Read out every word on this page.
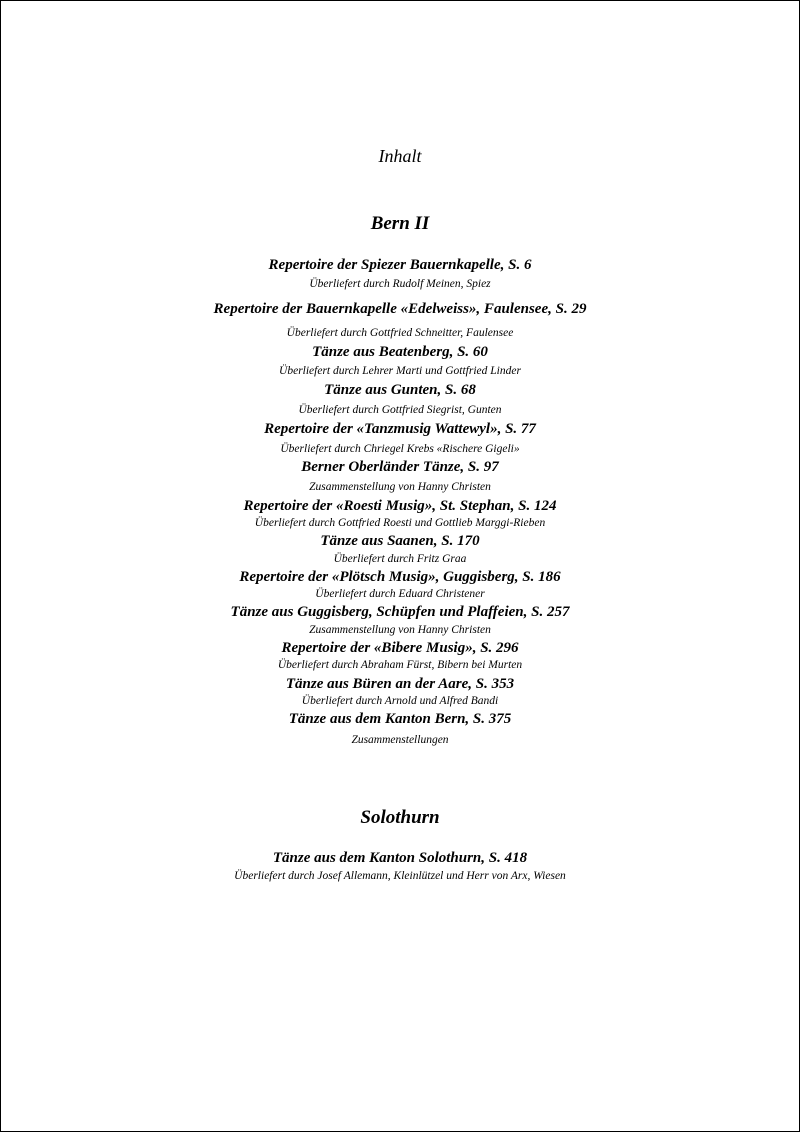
Inhalt
Bern II
Repertoire der Spiezer Bauernkapelle, S. 6
Überliefert durch Rudolf Meinen, Spiez
Repertoire der Bauernkapelle «Edelweiss», Faulensee, S. 29
Überliefert durch Gottfried Schneitter, Faulensee
Tänze aus Beatenberg, S. 60
Überliefert durch Lehrer Marti und Gottfried Linder
Tänze aus Gunten, S. 68
Überliefert durch Gottfried Siegrist, Gunten
Repertoire der «Tanzmusig Wattewyl», S. 77
Überliefert durch Chriegel Krebs «Rischere Gigeli»
Berner Oberländer Tänze, S. 97
Zusammenstellung von Hanny Christen
Repertoire der «Roesti Musig», St. Stephan, S. 124
Überliefert durch Gottfried Roesti und Gottlieb Marggi-Rieben
Tänze aus Saanen, S. 170
Überliefert durch Fritz Graa
Repertoire der «Plötsch Musig», Guggisberg, S. 186
Überliefert durch Eduard Christener
Tänze aus Guggisberg, Schüpfen und Plaffeien, S. 257
Zusammenstellung von Hanny Christen
Repertoire der «Bibere Musig», S. 296
Überliefert durch Abraham Fürst, Bibern bei Murten
Tänze aus Büren an der Aare, S. 353
Überliefert durch Arnold und Alfred Bandi
Tänze aus dem Kanton Bern, S. 375
Zusammenstellungen
Solothurn
Tänze aus dem Kanton Solothurn, S. 418
Überliefert durch Josef Allemann, Kleinlützel und Herr von Arx, Wiesen
